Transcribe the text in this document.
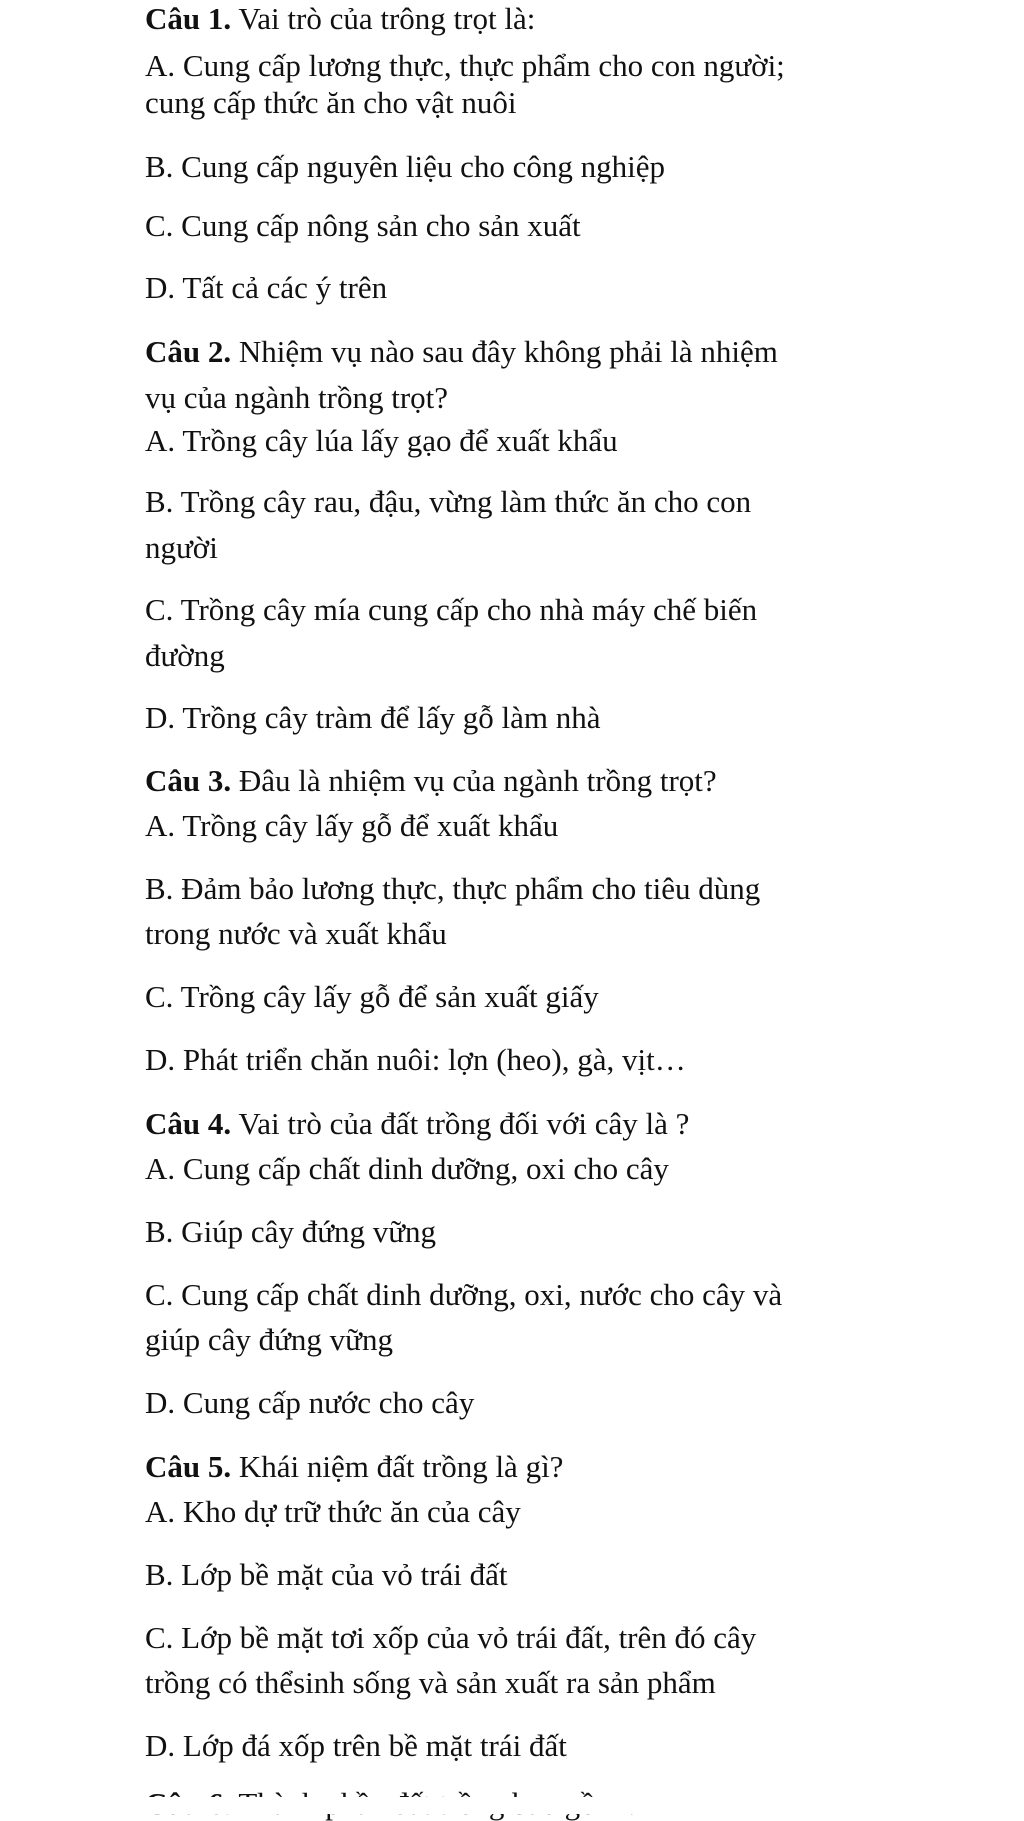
Câu 1. Vai trò của trông trọt là:
A. Cung cấp lương thực, thực phẩm cho con người;
cung cấp thức ăn cho vật nuôi
B. Cung cấp nguyên liệu cho công nghiệp
C. Cung cấp nông sản cho sản xuất
D. Tất cả các ý trên
Câu 2. Nhiệm vụ nào sau đây không phải là nhiệm
vụ của ngành trồng trọt?
A. Trồng cây lúa lấy gạo để xuất khẩu
B. Trồng cây rau, đậu, vừng làm thức ăn cho con
người
C. Trồng cây mía cung cấp cho nhà máy chế biến
đường
D. Trồng cây tràm để lấy gỗ làm nhà
Câu 3. Đâu là nhiệm vụ của ngành trồng trọt?
A. Trồng cây lấy gỗ để xuất khẩu
B. Đảm bảo lương thực, thực phẩm cho tiêu dùng
trong nước và xuất khẩu
C. Trồng cây lấy gỗ để sản xuất giấy
D. Phát triển chăn nuôi: lợn (heo), gà, vịt…
Câu 4. Vai trò của đất trồng đối với cây là ?
A. Cung cấp chất dinh dưỡng, oxi cho cây
B. Giúp cây đứng vững
C. Cung cấp chất dinh dưỡng, oxi, nước cho cây và
giúp cây đứng vững
D. Cung cấp nước cho cây
Câu 5. Khái niệm đất trồng là gì?
A. Kho dự trữ thức ăn của cây
B. Lớp bề mặt của vỏ trái đất
C. Lớp bề mặt tơi xốp của vỏ trái đất, trên đó cây
trồng có thểsinh sống và sản xuất ra sản phẩm
D. Lớp đá xốp trên bề mặt trái đất
